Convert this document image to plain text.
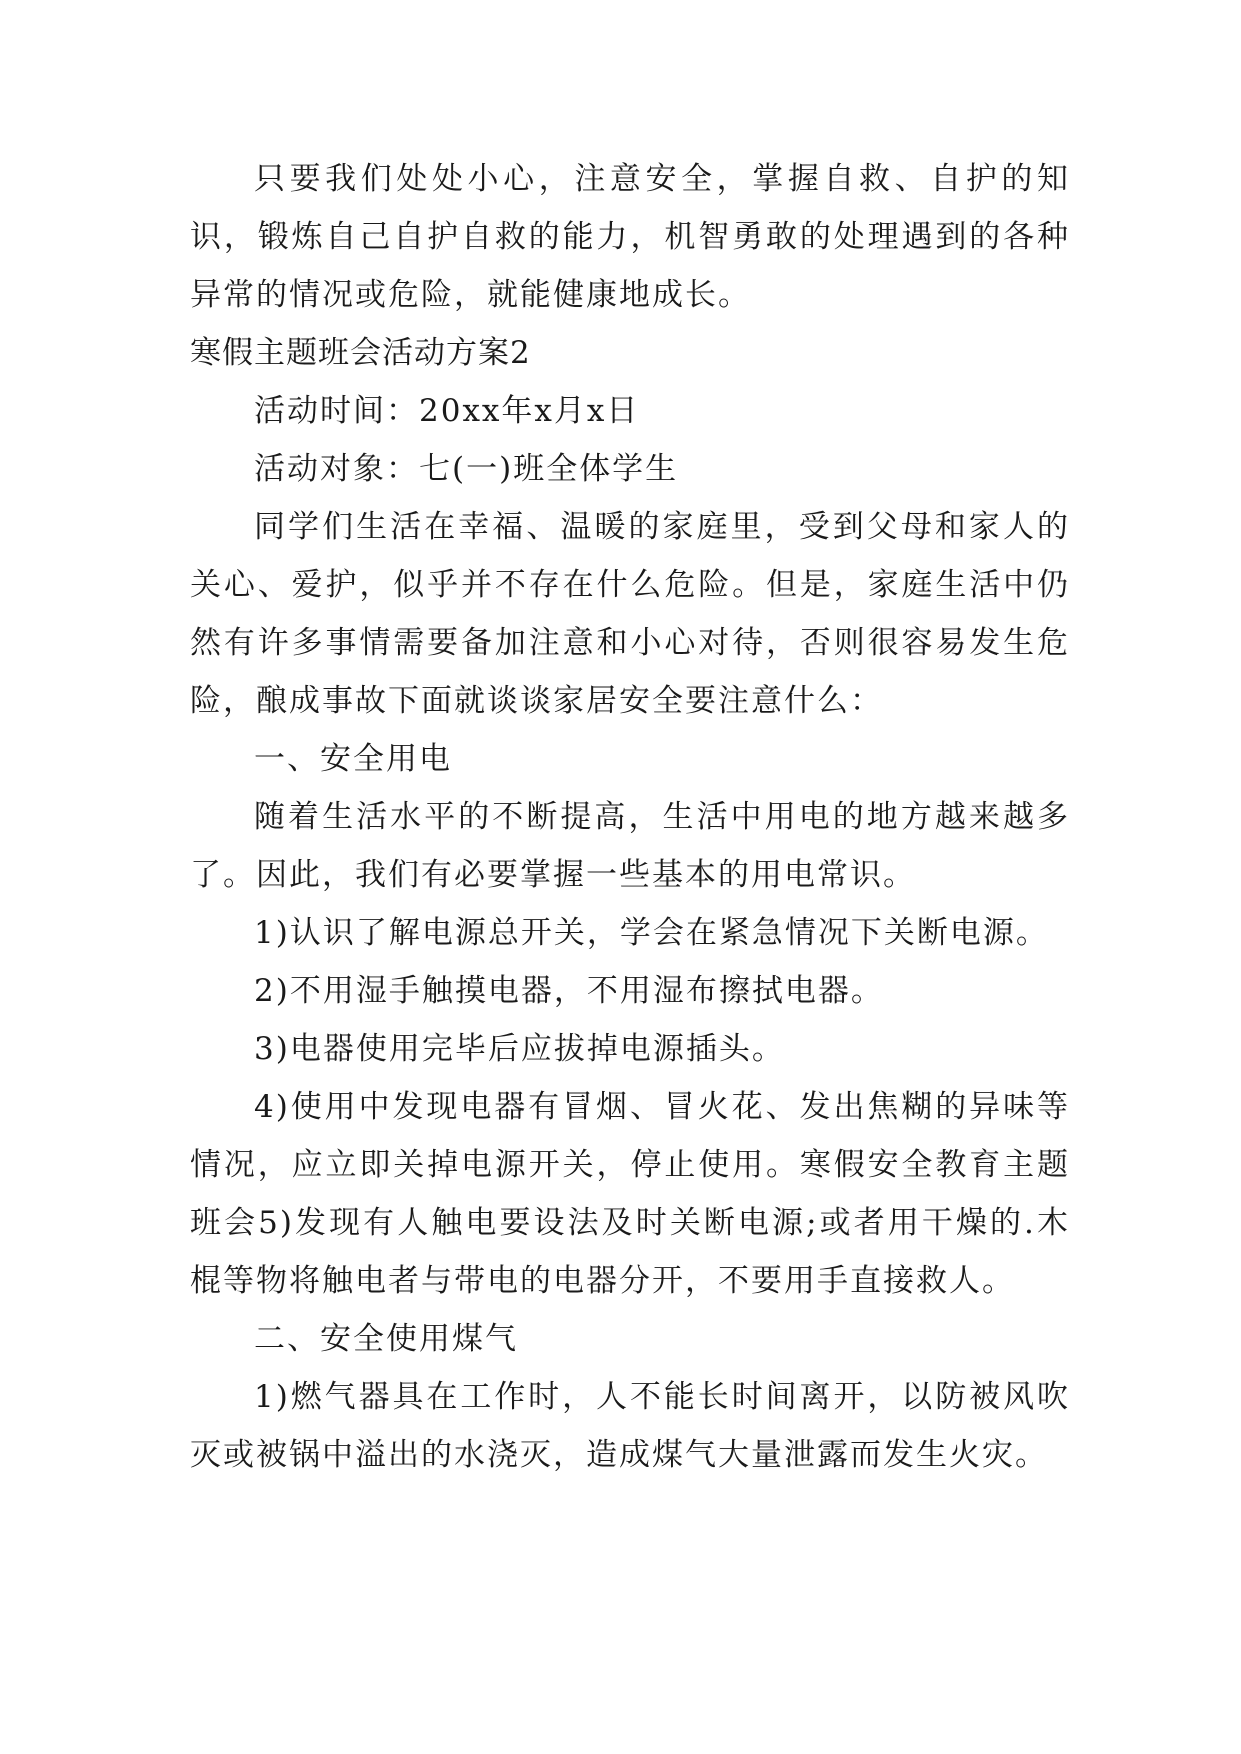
只要我们处处小心，注意安全，掌握自救、自护的知识，锻炼自己自护自救的能力，机智勇敢的处理遇到的各种异常的情况或危险，就能健康地成长。

寒假主题班会活动方案2

活动时间：20xx年x月x日

活动对象：七(一)班全体学生

同学们生活在幸福、温暖的家庭里，受到父母和家人的关心、爱护，似乎并不存在什么危险。但是，家庭生活中仍然有许多事情需要备加注意和小心对待，否则很容易发生危险，酿成事故下面就谈谈家居安全要注意什么：

一、安全用电

随着生活水平的不断提高，生活中用电的地方越来越多了。因此，我们有必要掌握一些基本的用电常识。

1)认识了解电源总开关，学会在紧急情况下关断电源。

2)不用湿手触摸电器，不用湿布擦拭电器。

3)电器使用完毕后应拔掉电源插头。

4)使用中发现电器有冒烟、冒火花、发出焦糊的异味等情况，应立即关掉电源开关，停止使用。寒假安全教育主题班会5)发现有人触电要设法及时关断电源;或者用干燥的.木棍等物将触电者与带电的电器分开，不要用手直接救人。

二、安全使用煤气

1)燃气器具在工作时，人不能长时间离开，以防被风吹灭或被锅中溢出的水浇灭，造成煤气大量泄露而发生火灾。
